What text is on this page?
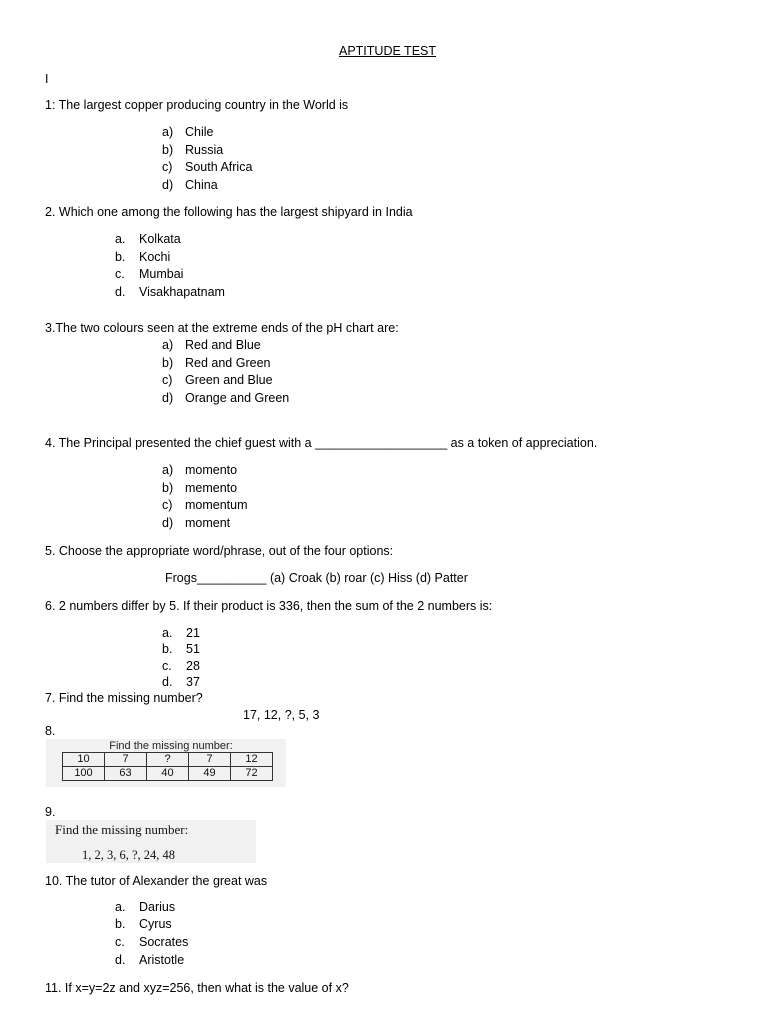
APTITUDE TEST
I
1: The largest copper producing country in the World is
a) Chile
b) Russia
c) South Africa
d) China
2. Which one among the following has the largest shipyard in India
a. Kolkata
b. Kochi
c. Mumbai
d. Visakhapatnam
3.The two colours seen at the extreme ends of the pH chart are:
a) Red and Blue
b) Red and Green
c) Green and Blue
d) Orange and Green
4. The Principal presented the chief guest with a ___________________ as a token of appreciation.
a) momento
b) memento
c) momentum
d) moment
5. Choose the appropriate word/phrase, out of the four options:
Frogs__________ (a) Croak (b) roar (c) Hiss (d) Patter
6. 2 numbers differ by 5. If their product is 336, then the sum of the 2 numbers is:
a. 21
b. 51
c. 28
d. 37
7. Find the missing number?
17, 12, ?, 5, 3
8.
Find the missing number:
10	7	?	7	12
100	63	40	49	72
9.
Find the missing number:
1, 2, 3, 6, ?, 24, 48
10. The tutor of Alexander the great was
a. Darius
b. Cyrus
c. Socrates
d. Aristotle
11. If x=y=2z and xyz=256, then what is the value of x?
